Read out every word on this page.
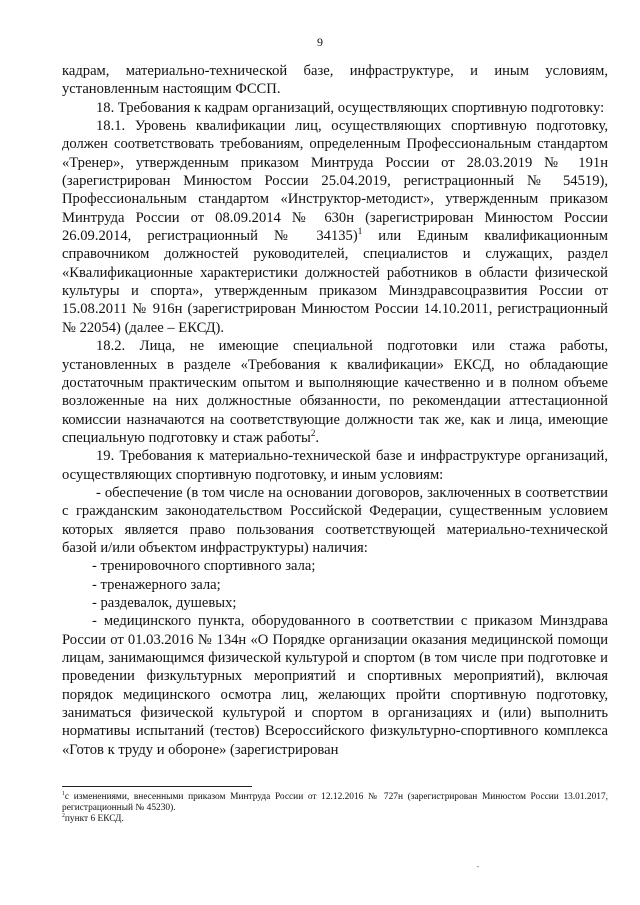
9

кадрам, материально-технической базе, инфраструктуре, и иным условиям, установленным настоящим ФССП.

18. Требования к кадрам организаций, осуществляющих спортивную подготовку:

18.1. Уровень квалификации лиц, осуществляющих спортивную подготовку, должен соответствовать требованиям, определенным Профессиональным стандартом «Тренер», утвержденным приказом Минтруда России от 28.03.2019 № 191н (зарегистрирован Минюстом России 25.04.2019, регистрационный № 54519), Профессиональным стандартом «Инструктор-методист», утвержденным приказом Минтруда России от 08.09.2014 № 630н (зарегистрирован Минюстом России 26.09.2014, регистрационный № 34135)$^1$ или Единым квалификационным справочником должностей руководителей, специалистов и служащих, раздел «Квалификационные характеристики должностей работников в области физической культуры и спорта», утвержденным приказом Минздравсоцразвития России от 15.08.2011 № 916н (зарегистрирован Минюстом России 14.10.2011, регистрационный № 22054) (далее – ЕКСД).

18.2. Лица, не имеющие специальной подготовки или стажа работы, установленных в разделе «Требования к квалификации» ЕКСД, но обладающие достаточным практическим опытом и выполняющие качественно и в полном объеме возложенные на них должностные обязанности, по рекомендации аттестационной комиссии назначаются на соответствующие должности так же, как и лица, имеющие специальную подготовку и стаж работы$^2$.

19. Требования к материально-технической базе и инфраструктуре организаций, осуществляющих спортивную подготовку, и иным условиям:

- обеспечение (в том числе на основании договоров, заключенных в соответствии с гражданским законодательством Российской Федерации, существенным условием которых является право пользования соответствующей материально-технической базой и/или объектом инфраструктуры) наличия:

- тренировочного спортивного зала;

- тренажерного зала;

- раздевалок, душевых;

- медицинского пункта, оборудованного в соответствии с приказом Минздрава России от 01.03.2016 № 134н «О Порядке организации оказания медицинской помощи лицам, занимающимся физической культурой и спортом (в том числе при подготовке и проведении физкультурных мероприятий и спортивных мероприятий), включая порядок медицинского осмотра лиц, желающих пройти спортивную подготовку, заниматься физической культурой и спортом в организациях и (или) выполнить нормативы испытаний (тестов) Всероссийского физкультурно-спортивного комплекса «Готов к труду и обороне» (зарегистрирован

$^1$с изменениями, внесенными приказом Минтруда России от 12.12.2016 № 727н (зарегистрирован Минюстом России 13.01.2017, регистрационный № 45230).

$^2$пункт 6 ЕКСД.

·
